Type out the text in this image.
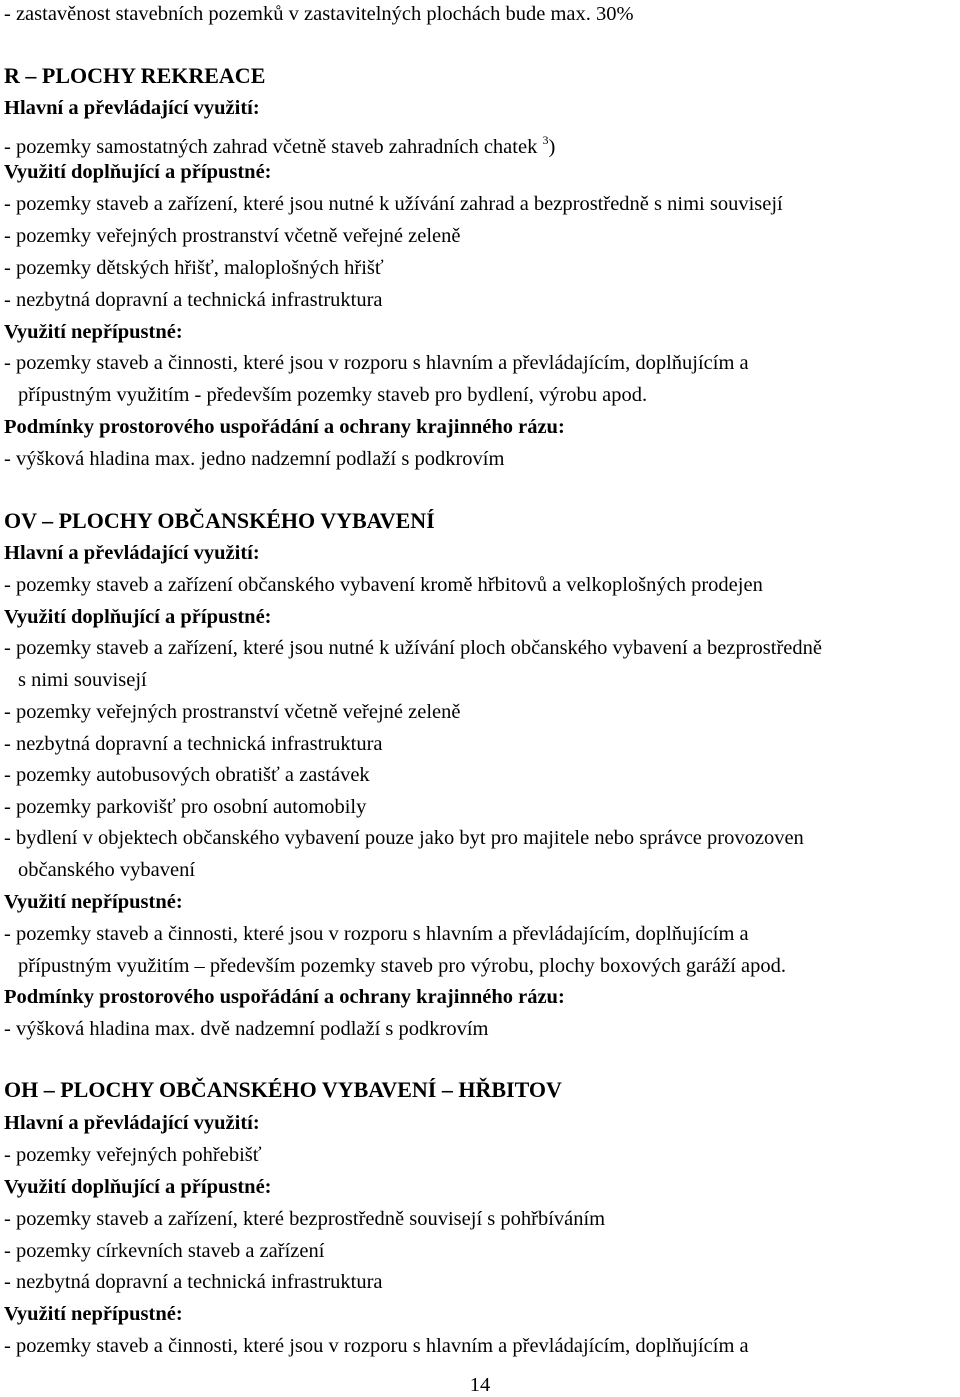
- zastavěnost stavebních pozemků v zastavitelných plochách bude max. 30%
R – PLOCHY REKREACE
Hlavní a převládající využití:
- pozemky samostatných zahrad včetně staveb zahradních chatek $^3$)
Využití doplňující a přípustné:
- pozemky staveb a zařízení, které jsou nutné k užívání zahrad a bezprostředně s nimi souvisejí
- pozemky veřejných prostranství včetně veřejné zeleně
- pozemky dětských hřišť, maloplošných hřišť
- nezbytná dopravní a technická infrastruktura
Využití nepřípustné:
- pozemky staveb a činnosti, které jsou v rozporu s hlavním a převládajícím, doplňujícím a
přípustným využitím - především pozemky staveb pro bydlení, výrobu apod.
Podmínky prostorového uspořádání a ochrany krajinného rázu:
- výšková hladina max. jedno nadzemní podlaží s podkrovím
OV – PLOCHY OBČANSKÉHO VYBAVENÍ
Hlavní a převládající využití:
- pozemky staveb a zařízení občanského vybavení kromě hřbitovů a velkoplošných prodejen
Využití doplňující a přípustné:
- pozemky staveb a zařízení, které jsou nutné k užívání ploch občanského vybavení a bezprostředně
s nimi souvisejí
- pozemky veřejných prostranství včetně veřejné zeleně
- nezbytná dopravní a technická infrastruktura
- pozemky autobusových obratišť a zastávek
- pozemky parkovišť pro osobní automobily
- bydlení v objektech občanského vybavení pouze jako byt pro majitele nebo správce provozoven
občanského vybavení
Využití nepřípustné:
- pozemky staveb a činnosti, které jsou v rozporu s hlavním a převládajícím, doplňujícím a
přípustným využitím – především pozemky staveb pro výrobu, plochy boxových garáží apod.
Podmínky prostorového uspořádání a ochrany krajinného rázu:
- výšková hladina max. dvě nadzemní podlaží s podkrovím
OH – PLOCHY OBČANSKÉHO VYBAVENÍ – HŘBITOV
Hlavní a převládající využití:
- pozemky veřejných pohřebišť
Využití doplňující a přípustné:
- pozemky staveb a zařízení, které bezprostředně souvisejí s pohřbíváním
- pozemky církevních staveb a zařízení
- nezbytná dopravní a technická infrastruktura
Využití nepřípustné:
- pozemky staveb a činnosti, které jsou v rozporu s hlavním a převládajícím, doplňujícím a
14
